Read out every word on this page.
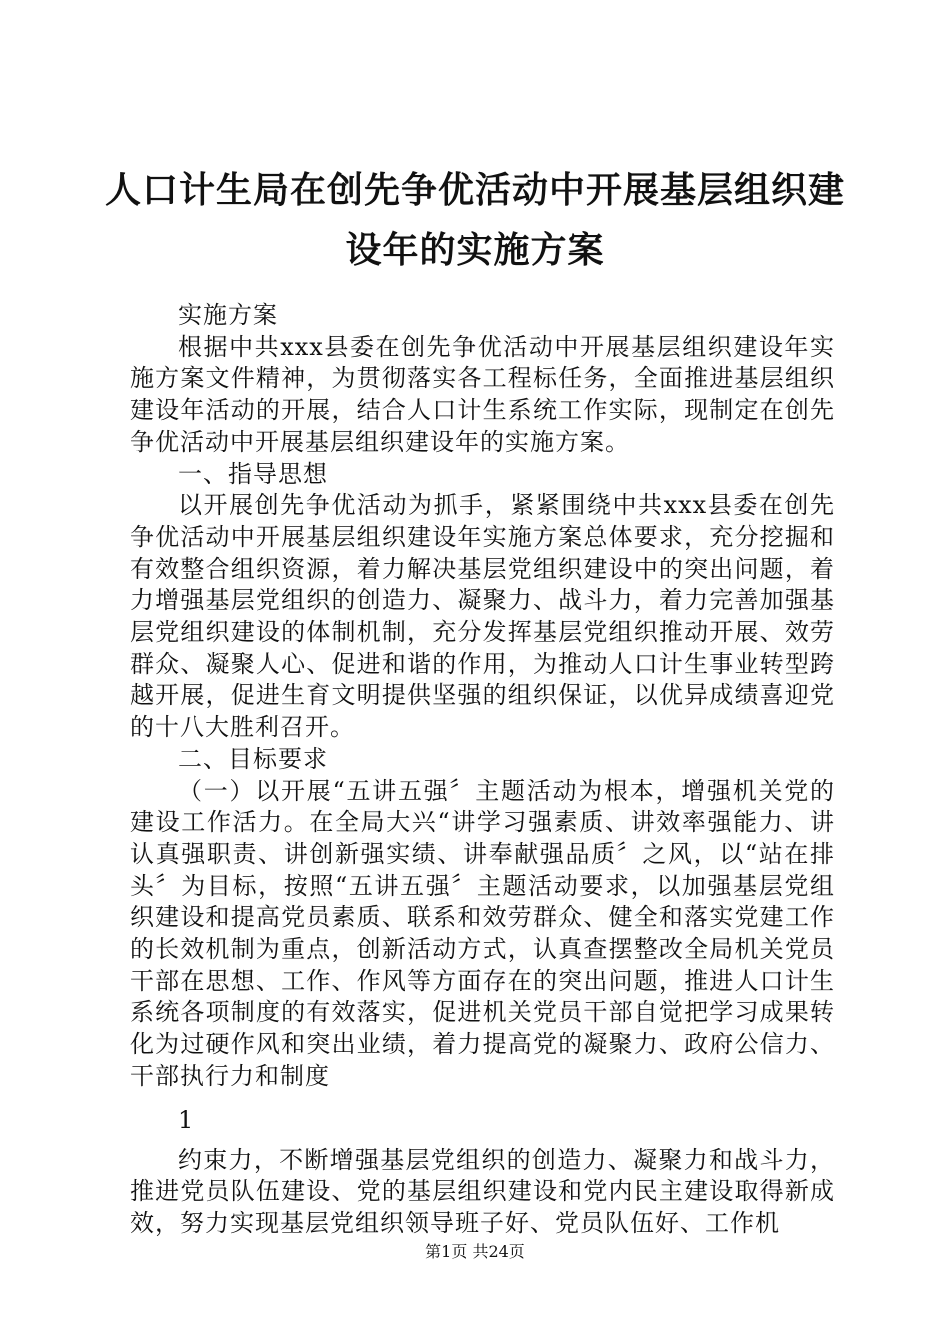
人口计生局在创先争优活动中开展基层组织建

设年的实施方案

实施方案

根据中共xxx县委在创先争优活动中开展基层组织建设年实施方案文件精神，为贯彻落实各工程标任务，全面推进基层组织建设年活动的开展，结合人口计生系统工作实际，现制定在创先争优活动中开展基层组织建设年的实施方案。

一、指导思想

以开展创先争优活动为抓手，紧紧围绕中共xxx县委在创先争优活动中开展基层组织建设年实施方案总体要求，充分挖掘和有效整合组织资源，着力解决基层党组织建设中的突出问题，着力增强基层党组织的创造力、凝聚力、战斗力，着力完善加强基层党组织建设的体制机制，充分发挥基层党组织推动开展、效劳群众、凝聚人心、促进和谐的作用，为推动人口计生事业转型跨越开展，促进生育文明提供坚强的组织保证，以优异成绩喜迎党的十八大胜利召开。

二、目标要求

（一）以开展“五讲五强〞主题活动为根本，增强机关党的建设工作活力。在全局大兴“讲学习强素质、讲效率强能力、讲认真强职责、讲创新强实绩、讲奉献强品质〞之风，以“站在排头〞为目标，按照“五讲五强〞主题活动要求，以加强基层党组织建设和提高党员素质、联系和效劳群众、健全和落实党建工作的长效机制为重点，创新活动方式，认真查摆整改全局机关党员干部在思想、工作、作风等方面存在的突出问题，推进人口计生系统各项制度的有效落实，促进机关党员干部自觉把学习成果转化为过硬作风和突出业绩，着力提高党的凝聚力、政府公信力、干部执行力和制度

1

约束力，不断增强基层党组织的创造力、凝聚力和战斗力，推进党员队伍建设、党的基层组织建设和党内民主建设取得新成效，努力实现基层党组织领导班子好、党员队伍好、工作机

第1页 共24页
